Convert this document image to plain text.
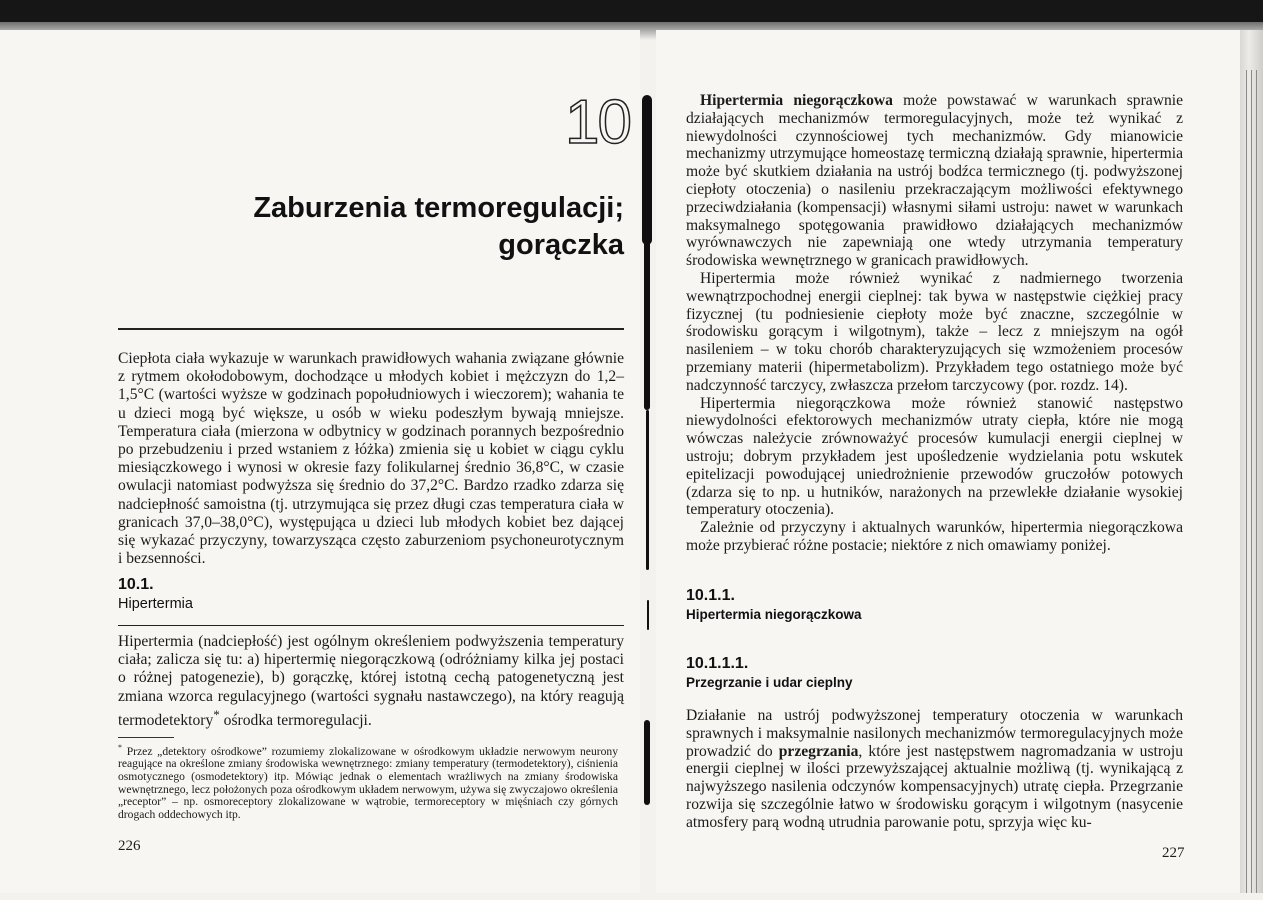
10
Zaburzenia termoregulacji;
gorączka

Ciepłota ciała wykazuje w warunkach prawidłowych wahania związane głównie z rytmem okołodobowym, dochodzące u młodych kobiet i mężczyzn do 1,2–1,5°C (wartości wyższe w godzinach popołudniowych i wieczorem); wahania te u dzieci mogą być większe, u osób w wieku podeszłym bywają mniejsze. Temperatura ciała (mierzona w odbytnicy w godzinach porannych bezpośrednio po przebudzeniu i przed wstaniem z łóżka) zmienia się u kobiet w ciągu cyklu miesiączkowego i wynosi w okresie fazy folikularnej średnio 36,8°C, w czasie owulacji natomiast podwyższa się średnio do 37,2°C. Bardzo rzadko zdarza się nadciepłność samoistna (tj. utrzymująca się przez długi czas temperatura ciała w granicach 37,0–38,0°C), występująca u dzieci lub młodych kobiet bez dającej się wykazać przyczyny, towarzysząca często zaburzeniom psychoneurotycznym i bezsenności.

10.1.
Hipertermia

Hipertermia (nadciepłość) jest ogólnym określeniem podwyższenia temperatury ciała; zalicza się tu: a) hipertermię niegorączkową (odróżniamy kilka jej postaci o różnej patogenezie), b) gorączkę, której istotną cechą patogenetyczną jest zmiana wzorca regulacyjnego (wartości sygnału nastawczego), na który reagują termodetektory* ośrodka termoregulacji.

* Przez „detektory ośrodkowe” rozumiemy zlokalizowane w ośrodkowym układzie nerwowym neurony reagujące na określone zmiany środowiska wewnętrznego: zmiany temperatury (termodetektory), ciśnienia osmotycznego (osmodetektory) itp. Mówiąc jednak o elementach wrażliwych na zmiany środowiska wewnętrznego, lecz położonych poza ośrodkowym układem nerwowym, używa się zwyczajowo określenia „receptor” – np. osmoreceptory zlokalizowane w wątrobie, termoreceptory w mięśniach czy górnych drogach oddechowych itp.

226

Hipertermia niegorączkowa może powstawać w warunkach sprawnie działających mechanizmów termoregulacyjnych, może też wynikać z niewydolności czynnościowej tych mechanizmów. Gdy mianowicie mechanizmy utrzymujące homeostazę termiczną działają sprawnie, hipertermia może być skutkiem działania na ustrój bodźca termicznego (tj. podwyższonej ciepłoty otoczenia) o nasileniu przekraczającym możliwości efektywnego przeciwdziałania (kompensacji) własnymi siłami ustroju: nawet w warunkach maksymalnego spotęgowania prawidłowo działających mechanizmów wyrównawczych nie zapewniają one wtedy utrzymania temperatury środowiska wewnętrznego w granicach prawidłowych.

Hipertermia może również wynikać z nadmiernego tworzenia wewnątrzpochodnej energii cieplnej: tak bywa w następstwie ciężkiej pracy fizycznej (tu podniesienie ciepłoty może być znaczne, szczególnie w środowisku gorącym i wilgotnym), także – lecz z mniejszym na ogół nasileniem – w toku chorób charakteryzujących się wzmożeniem procesów przemiany materii (hipermetabolizm). Przykładem tego ostatniego może być nadczynność tarczycy, zwłaszcza przełom tarczycowy (por. rozdz. 14).

Hipertermia niegorączkowa może również stanowić następstwo niewydolności efektorowych mechanizmów utraty ciepła, które nie mogą wówczas należycie zrównoważyć procesów kumulacji energii cieplnej w ustroju; dobrym przykładem jest upośledzenie wydzielania potu wskutek epitelizacji powodującej uniedrożnienie przewodów gruczołów potowych (zdarza się to np. u hutników, narażonych na przewlekłe działanie wysokiej temperatury otoczenia).

Zależnie od przyczyny i aktualnych warunków, hipertermia niegorączkowa może przybierać różne postacie; niektóre z nich omawiamy poniżej.

10.1.1.
Hipertermia niegorączkowa
10.1.1.1.
Przegrzanie i udar cieplny

Działanie na ustrój podwyższonej temperatury otoczenia w warunkach sprawnych i maksymalnie nasilonych mechanizmów termoregulacyjnych może prowadzić do przegrzania, które jest następstwem nagromadzania w ustroju energii cieplnej w ilości przewyższającej aktualnie możliwą (tj. wynikającą z najwyższego nasilenia odczynów kompensacyjnych) utratę ciepła. Przegrzanie rozwija się szczególnie łatwo w środowisku gorącym i wilgotnym (nasycenie atmosfery parą wodną utrudnia parowanie potu, sprzyja więc ku-

227
